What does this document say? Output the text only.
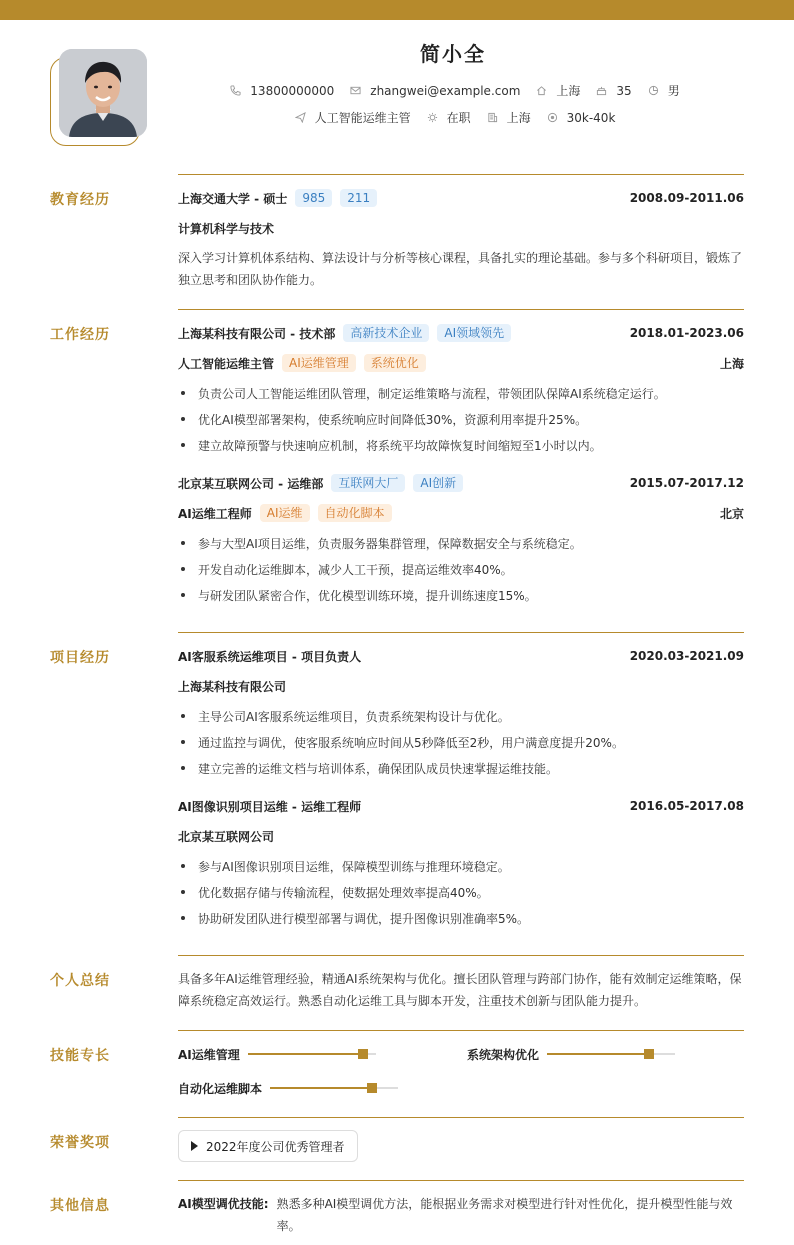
简小全
13800000000	zhangwei@example.com	上海	35	男
人工智能运维主管	在职	上海	30k-40k
教育经历	上海交通大学 - 硕士	985	211	2008.09-2011.06
计算机科学与技术
深入学习计算机体系结构、算法设计与分析等核心课程，具备扎实的理论基础。参与多个科研项目，锻炼了独立思考和团队协作能力。
工作经历	上海某科技有限公司 - 技术部	高新技术企业	AI领域领先	2018.01-2023.06
人工智能运维主管	AI运维管理	系统优化	上海
负责公司人工智能运维团队管理，制定运维策略与流程，带领团队保障AI系统稳定运行。
优化AI模型部署架构，使系统响应时间降低30%，资源利用率提升25%。
建立故障预警与快速响应机制，将系统平均故障恢复时间缩短至1小时以内。
北京某互联网公司 - 运维部	互联网大厂	AI创新	2015.07-2017.12
AI运维工程师	AI运维	自动化脚本	北京
参与大型AI项目运维，负责服务器集群管理，保障数据安全与系统稳定。
开发自动化运维脚本，减少人工干预，提高运维效率40%。
与研发团队紧密合作，优化模型训练环境，提升训练速度15%。
项目经历	AI客服系统运维项目 - 项目负责人	2020.03-2021.09
上海某科技有限公司
主导公司AI客服系统运维项目，负责系统架构设计与优化。
通过监控与调优，使客服系统响应时间从5秒降低至2秒，用户满意度提升20%。
建立完善的运维文档与培训体系，确保团队成员快速掌握运维技能。
AI图像识别项目运维 - 运维工程师	2016.05-2017.08
北京某互联网公司
参与AI图像识别项目运维，保障模型训练与推理环境稳定。
优化数据存储与传输流程，使数据处理效率提高40%。
协助研发团队进行模型部署与调优，提升图像识别准确率5%。
个人总结	具备多年AI运维管理经验，精通AI系统架构与优化。擅长团队管理与跨部门协作，能有效制定运维策略，保障系统稳定高效运行。熟悉自动化运维工具与脚本开发，注重技术创新与团队能力提升。
技能专长	AI运维管理	系统架构优化
自动化运维脚本
荣誉奖项	2022年度公司优秀管理者
其他信息	AI模型调优技能: 熟悉多种AI模型调优方法，能根据业务需求对模型进行针对性优化，提升模型性能与效率。
